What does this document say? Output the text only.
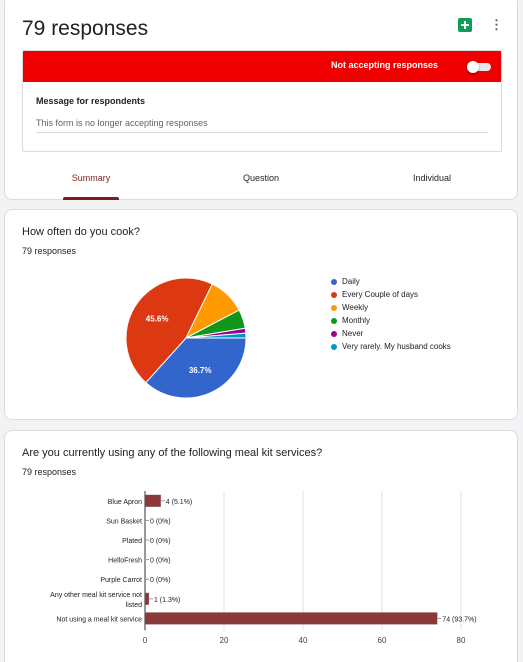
79 responses	⋮
Not accepting responses
Message for respondents
This form is no longer accepting responses
Summary	Question	Individual
How often do you cook?
79 responses
36.7%
45.6%
Daily
Every Couple of days
Weekly
Monthly
Never
Very rarely. My husband cooks
Are you currently using any of the following meal kit services?
79 responses
0	20	40	60	80
Blue Apron	4 (5.1%)
Sun Basket 0 (0%)
Plated 0 (0%)
HelloFresh 0 (0%)
Purple Carrot 0 (0%)
Any other meal kit service not listed
1 (1.3%)
Not using a meal kit service	74 (93.7%)
